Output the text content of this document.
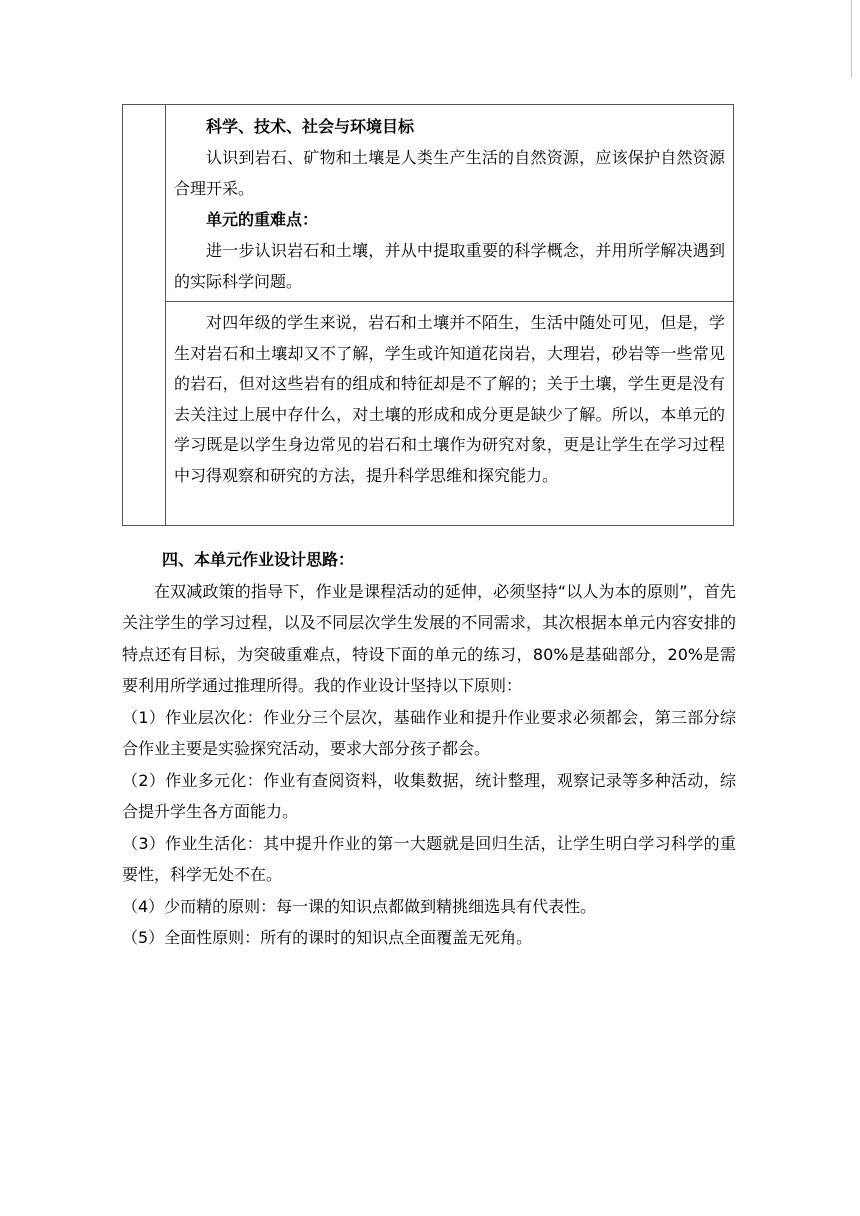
科学、技术、社会与环境目标

认识到岩石、矿物和土壤是人类生产生活的自然资源，应该保护自然资源合理开采。

单元的重难点：

进一步认识岩石和土壤，并从中提取重要的科学概念，并用所学解决遇到的实际科学问题。

对四年级的学生来说，岩石和土壤并不陌生，生活中随处可见，但是，学生对岩石和土壤却又不了解，学生或许知道花岗岩，大理岩，砂岩等一些常见的岩石，但对这些岩有的组成和特征却是不了解的；关于土壤，学生更是没有去关注过上展中存什么，对土壤的形成和成分更是缺少了解。所以，本单元的学习既是以学生身边常见的岩石和土壤作为研究对象，更是让学生在学习过程中习得观察和研究的方法，提升科学思维和探究能力。

四、本单元作业设计思路：

在双减政策的指导下，作业是课程活动的延伸，必须坚持“以人为本的原则”，首先关注学生的学习过程，以及不同层次学生发展的不同需求，其次根据本单元内容安排的特点还有目标，为突破重难点，特设下面的单元的练习，80%是基础部分，20%是需要利用所学通过推理所得。我的作业设计坚持以下原则：

（1）作业层次化：作业分三个层次，基础作业和提升作业要求必须都会，第三部分综合作业主要是实验探究活动，要求大部分孩子都会。

（2）作业多元化：作业有查阅资料，收集数据，统计整理，观察记录等多种活动，综合提升学生各方面能力。

（3）作业生活化：其中提升作业的第一大题就是回归生活，让学生明白学习科学的重要性，科学无处不在。

（4）少而精的原则：每一课的知识点都做到精挑细选具有代表性。

（5）全面性原则：所有的课时的知识点全面覆盖无死角。
